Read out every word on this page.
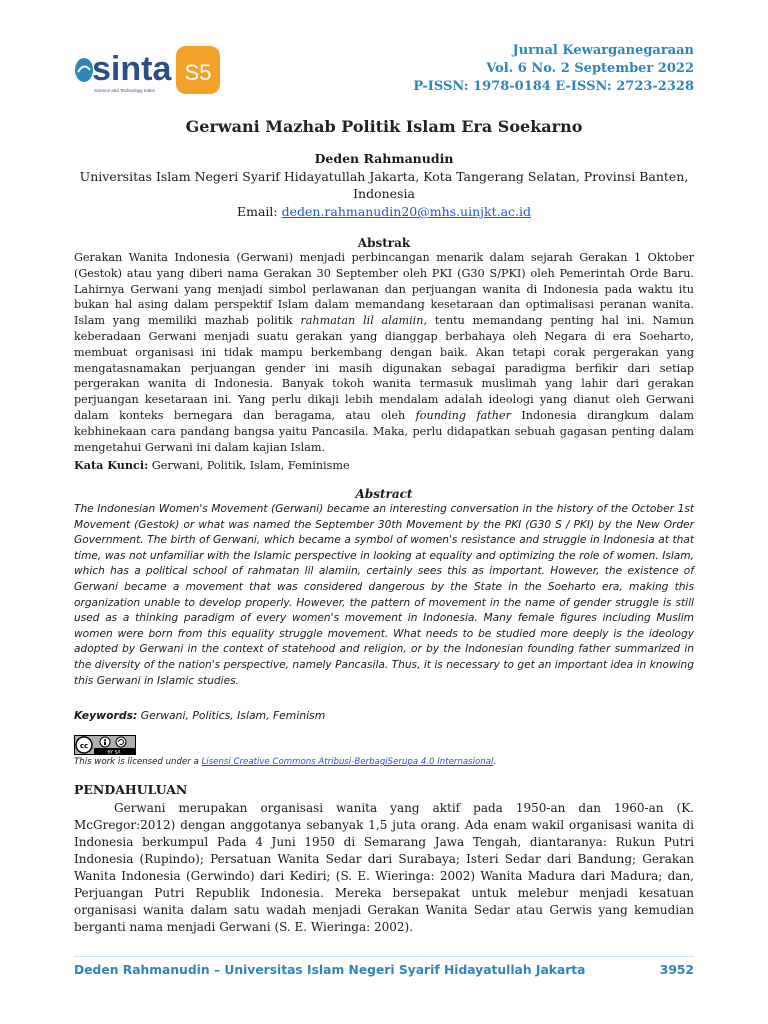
sinta S5
Science and Technology Index
Jurnal Kewarganegaraan
Vol. 6 No. 2 September 2022
P-ISSN: 1978-0184 E-ISSN: 2723-2328
Gerwani Mazhab Politik Islam Era Soekarno
Deden Rahmanudin
Universitas Islam Negeri Syarif Hidayatullah Jakarta, Kota Tangerang Selatan, Provinsi Banten, Indonesia
Email: deden.rahmanudin20@mhs.uinjkt.ac.id
Abstrak
Gerakan Wanita Indonesia (Gerwani) menjadi perbincangan menarik dalam sejarah Gerakan 1 Oktober (Gestok) atau yang diberi nama Gerakan 30 September oleh PKI (G30 S/PKI) oleh Pemerintah Orde Baru. Lahirnya Gerwani yang menjadi simbol perlawanan dan perjuangan wanita di Indonesia pada waktu itu bukan hal asing dalam perspektif Islam dalam memandang kesetaraan dan optimalisasi peranan wanita. Islam yang memiliki mazhab politik rahmatan lil alamiin, tentu memandang penting hal ini. Namun keberadaan Gerwani menjadi suatu gerakan yang dianggap berbahaya oleh Negara di era Soeharto, membuat organisasi ini tidak mampu berkembang dengan baik. Akan tetapi corak pergerakan yang mengatasnamakan perjuangan gender ini masih digunakan sebagai paradigma berfikir dari setiap pergerakan wanita di Indonesia. Banyak tokoh wanita termasuk muslimah yang lahir dari gerakan perjuangan kesetaraan ini. Yang perlu dikaji lebih mendalam adalah ideologi yang dianut oleh Gerwani dalam konteks bernegara dan beragama, atau oleh founding father Indonesia dirangkum dalam kebhinekaan cara pandang bangsa yaitu Pancasila. Maka, perlu didapatkan sebuah gagasan penting dalam mengetahui Gerwani ini dalam kajian Islam.
Kata Kunci: Gerwani, Politik, Islam, Feminisme
Abstract
The Indonesian Women's Movement (Gerwani) became an interesting conversation in the history of the October 1st Movement (Gestok) or what was named the September 30th Movement by the PKI (G30 S / PKI) by the New Order Government. The birth of Gerwani, which became a symbol of women's resistance and struggle in Indonesia at that time, was not unfamiliar with the Islamic perspective in looking at equality and optimizing the role of women. Islam, which has a political school of rahmatan lil alamiin, certainly sees this as important. However, the existence of Gerwani became a movement that was considered dangerous by the State in the Soeharto era, making this organization unable to develop properly. However, the pattern of movement in the name of gender struggle is still used as a thinking paradigm of every women's movement in Indonesia. Many female figures including Muslim women were born from this equality struggle movement. What needs to be studied more deeply is the ideology adopted by Gerwani in the context of statehood and religion, or by the Indonesian founding father summarized in the diversity of the nation's perspective, namely Pancasila. Thus, it is necessary to get an important idea in knowing this Gerwani in Islamic studies.
Keywords: Gerwani, Politics, Islam, Feminism
cc
BY SA
This work is licensed under a Lisensi Creative Commons Atribusi-BerbagiSerupa 4.0 Internasional.
PENDAHULUAN
Gerwani merupakan organisasi wanita yang aktif pada 1950-an dan 1960-an (K. McGregor:2012) dengan anggotanya sebanyak 1,5 juta orang. Ada enam wakil organisasi wanita di Indonesia berkumpul Pada 4 Juni 1950 di Semarang Jawa Tengah, diantaranya: Rukun Putri Indonesia (Rupindo); Persatuan Wanita Sedar dari Surabaya; Isteri Sedar dari Bandung; Gerakan Wanita Indonesia (Gerwindo) dari Kediri; (S. E. Wieringa: 2002) Wanita Madura dari Madura; dan, Perjuangan Putri Republik Indonesia. Mereka bersepakat untuk melebur menjadi kesatuan organisasi wanita dalam satu wadah menjadi Gerakan Wanita Sedar atau Gerwis yang kemudian berganti nama menjadi Gerwani (S. E. Wieringa: 2002).
Deden Rahmanudin – Universitas Islam Negeri Syarif Hidayatullah Jakarta	3952
